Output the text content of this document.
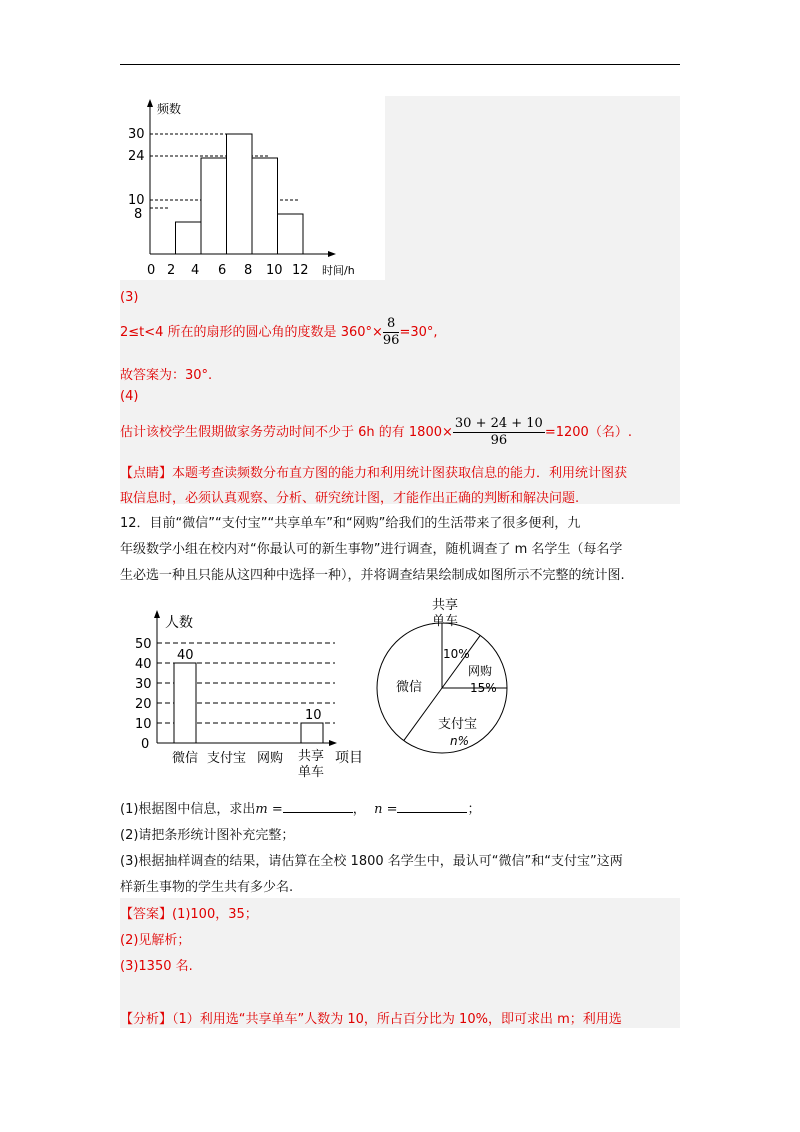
频数
时间/h
30
24
10
8
0 2 4 6 8 10 12
(3)
2≤t<4 所在的扇形的圆心角的度数是 $360^\circ\times \frac{8}{96} =30^\circ$,
故答案为：30°.
(4)
估计该校学生假期做家务劳动时间不少于 6h 的有 $1800\times \frac{30 + 24 + 10}{96} =1200$（名）.
【点睛】本题考查读频数分布直方图的能力和利用统计图获取信息的能力．利用统计图获
取信息时，必须认真观察、分析、研究统计图，才能作出正确的判断和解决问题.
12．目前“微信”“支付宝”“共享单车”和“网购”给我们的生活带来了很多便利，九
年级数学小组在校内对“你最认可的新生事物”进行调查，随机调查了 m 名学生（每名学
生必选一种且只能从这四种中选择一种），并将调查结果绘制成如图所示不完整的统计图.
人数
50
40
30
20
10
0
40
10
微信 支付宝 网购 共享
单车
项目
共享
单车
10%
网购
15%
微信
支付宝
n%
(1)根据图中信息，求出m =	， n =	；
(2)请把条形统计图补充完整；
(3)根据抽样调查的结果，请估算在全校 1800 名学生中，最认可“微信”和“支付宝”这两
样新生事物的学生共有多少名.
【答案】(1)100，35；
(2)见解析；
(3)1350 名.
【分析】（1）利用选“共享单车”人数为 10，所占百分比为 10%，即可求出 m；利用选
